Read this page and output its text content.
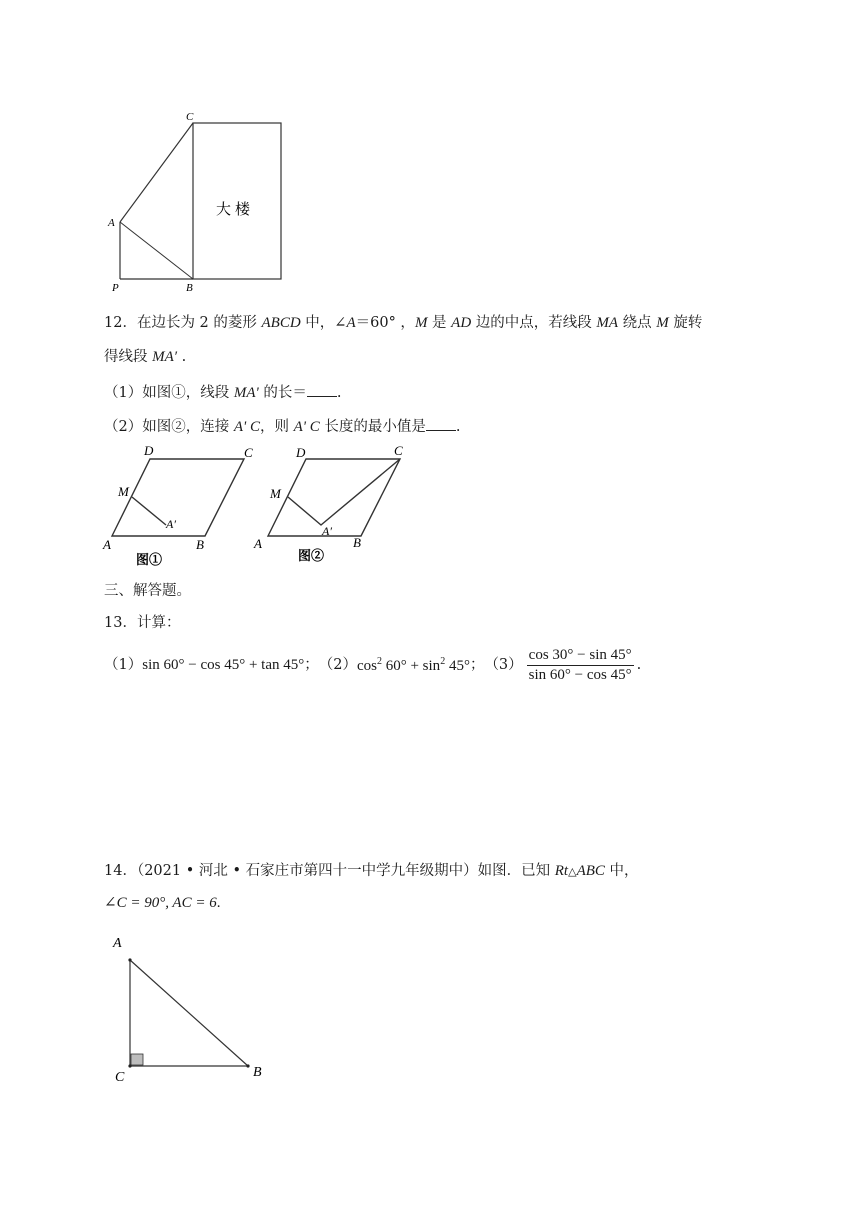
C
A
P	B
大楼
12．在边长为 2 的菱形 ABCD 中，∠A＝60° ，M 是 AD 边的中点，若线段 MA 绕点 M 旋转
得线段 MA′ .
（1）如图①，线段 MA' 的长＝ .
（2）如图②，连接 A' C，则 A' C 长度的最小值是 .
D	C
M
A′
A	B
图①
D	C
M
A′
A	B
图②
三、解答题。
13．计算：
（1） sin 60° − cos 45° + tan 45° ； （2） $\cos^2 60^\circ + \sin^2 45^\circ$ ； $(3) \frac{\cos 30^\circ - \sin 45^\circ}{\sin 60^\circ - \cos 45^\circ}$ .
14．（2021 • 河北 • 石家庄市第四十一中学九年级期中）如图．已知 Rt△ABC 中，
∠C = 90°, AC = 6.
A
C	B
